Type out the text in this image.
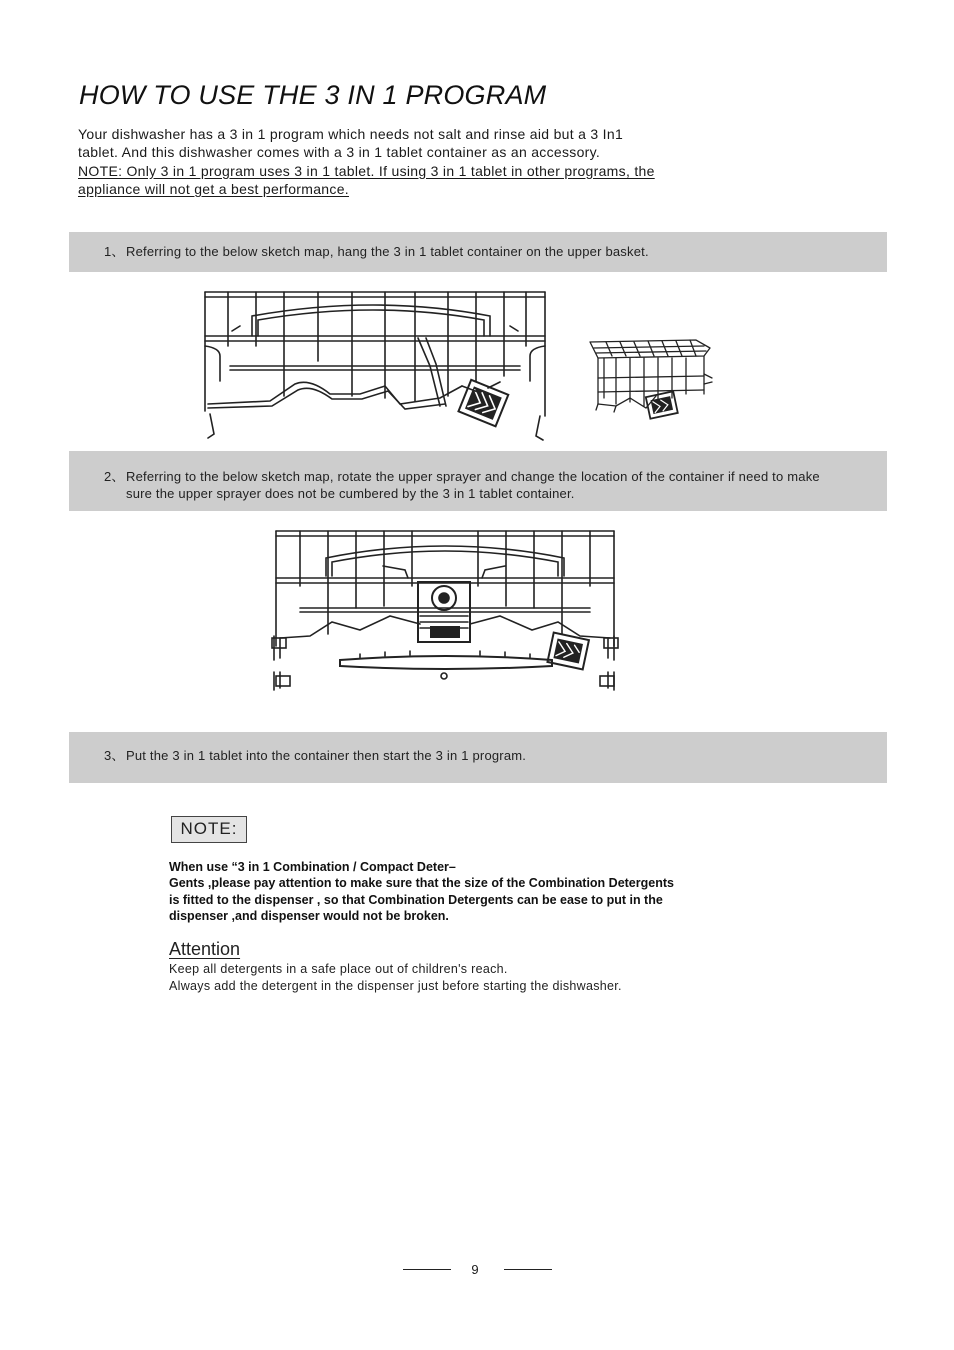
HOW TO USE THE 3 IN 1 PROGRAM
Your dishwasher has a 3 in 1 program which needs not salt and rinse aid but a 3 In1
tablet. And this dishwasher comes with a 3 in 1 tablet container as an accessory.
NOTE: Only 3 in 1 program uses 3 in 1 tablet. If using 3 in 1 tablet in other programs, the
appliance will not get a best performance.
1、Referring to the below sketch map, hang the 3 in 1 tablet container on the upper basket.
2、Referring to the below sketch map, rotate the upper sprayer and change the location of the container if need to make
sure the upper sprayer does not be cumbered by the 3 in 1 tablet container.
3、Put the 3 in 1 tablet into the container then start the 3 in 1 program.
NOTE:
When use “3 in 1 Combination / Compact Deter–
Gents ,please pay attention to make sure that the size of the Combination Detergents
is fitted to the dispenser , so that Combination Detergents can be ease to put in the
dispenser ,and dispenser would not be broken.
Attention
Keep all detergents in a safe place out of children's reach.
Always add the detergent in the dispenser just before starting the dishwasher.
9
